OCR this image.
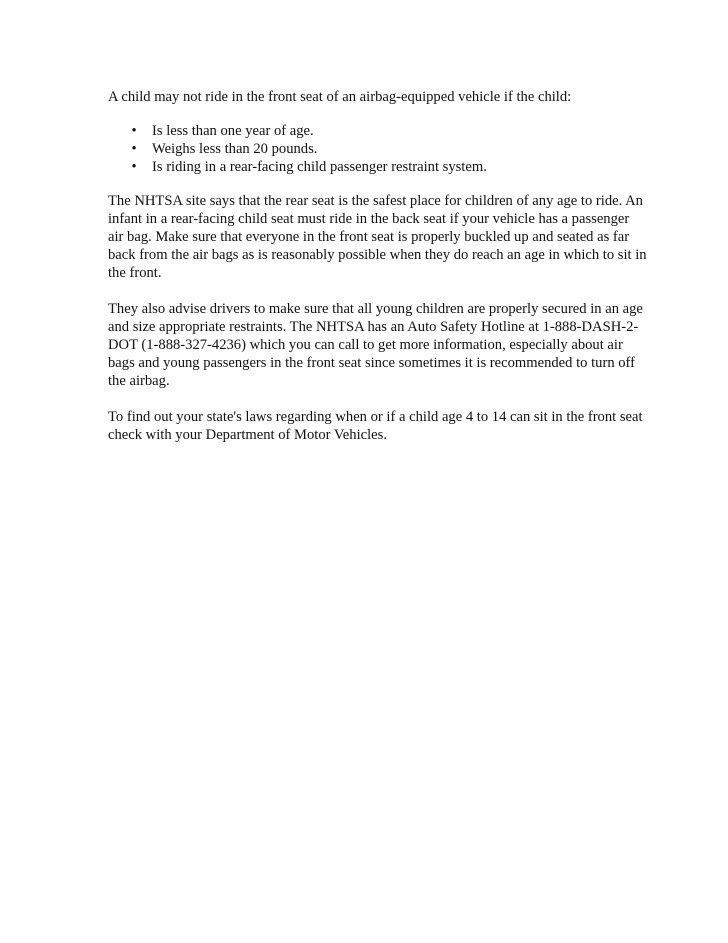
A child may not ride in the front seat of an airbag-equipped vehicle if the child:

• Is less than one year of age.
• Weighs less than 20 pounds.
• Is riding in a rear-facing child passenger restraint system.

The NHTSA site says that the rear seat is the safest place for children of any age to ride. An infant in a rear-facing child seat must ride in the back seat if your vehicle has a passenger air bag. Make sure that everyone in the front seat is properly buckled up and seated as far back from the air bags as is reasonably possible when they do reach an age in which to sit in the front.

They also advise drivers to make sure that all young children are properly secured in an age and size appropriate restraints. The NHTSA has an Auto Safety Hotline at 1-888-DASH-2-DOT (1-888-327-4236) which you can call to get more information, especially about air bags and young passengers in the front seat since sometimes it is recommended to turn off the airbag.

To find out your state's laws regarding when or if a child age 4 to 14 can sit in the front seat check with your Department of Motor Vehicles.
